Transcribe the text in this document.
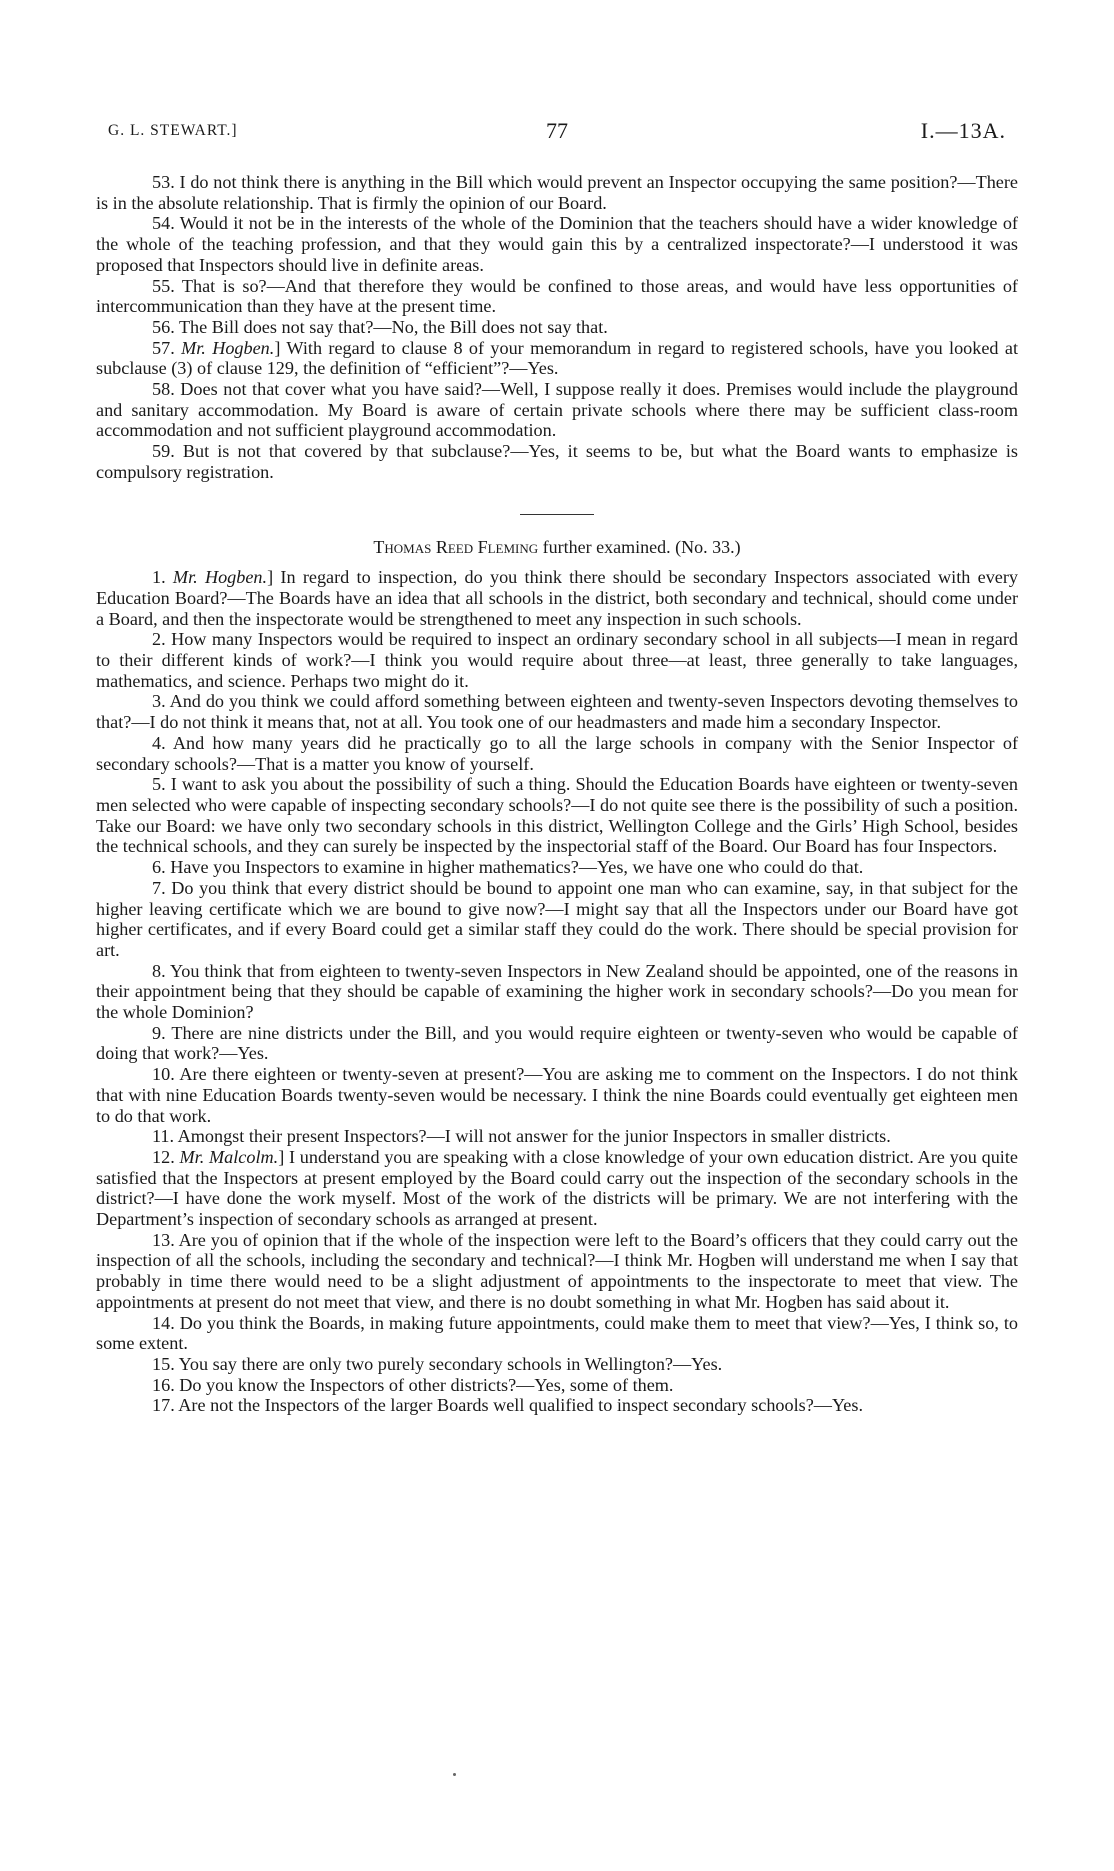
G. L. STEWART.]	77	I.—13A.

53. I do not think there is anything in the Bill which would prevent an Inspector occupying the same position?—There is in the absolute relationship. That is firmly the opinion of our Board.

54. Would it not be in the interests of the whole of the Dominion that the teachers should have a wider knowledge of the whole of the teaching profession, and that they would gain this by a centralized inspectorate?—I understood it was proposed that Inspectors should live in definite areas.

55. That is so?—And that therefore they would be confined to those areas, and would have less opportunities of intercommunication than they have at the present time.

56. The Bill does not say that?—No, the Bill does not say that.

57. Mr. Hogben.] With regard to clause 8 of your memorandum in regard to registered schools, have you looked at subclause (3) of clause 129, the definition of “efficient”?—Yes.

58. Does not that cover what you have said?—Well, I suppose really it does. Premises would include the playground and sanitary accommodation. My Board is aware of certain private schools where there may be sufficient class-room accommodation and not sufficient playground accommodation.

59. But is not that covered by that subclause?—Yes, it seems to be, but what the Board wants to emphasize is compulsory registration.

Thomas Reed Fleming further examined. (No. 33.)

1. Mr. Hogben.] In regard to inspection, do you think there should be secondary Inspectors associated with every Education Board?—The Boards have an idea that all schools in the district, both secondary and technical, should come under a Board, and then the inspectorate would be strengthened to meet any inspection in such schools.

2. How many Inspectors would be required to inspect an ordinary secondary school in all subjects—I mean in regard to their different kinds of work?—I think you would require about three—at least, three generally to take languages, mathematics, and science. Perhaps two might do it.

3. And do you think we could afford something between eighteen and twenty-seven Inspectors devoting themselves to that?—I do not think it means that, not at all. You took one of our headmasters and made him a secondary Inspector.

4. And how many years did he practically go to all the large schools in company with the Senior Inspector of secondary schools?—That is a matter you know of yourself.

5. I want to ask you about the possibility of such a thing. Should the Education Boards have eighteen or twenty-seven men selected who were capable of inspecting secondary schools?—I do not quite see there is the possibility of such a position. Take our Board: we have only two secondary schools in this district, Wellington College and the Girls’ High School, besides the technical schools, and they can surely be inspected by the inspectorial staff of the Board. Our Board has four Inspectors.

6. Have you Inspectors to examine in higher mathematics?—Yes, we have one who could do that.

7. Do you think that every district should be bound to appoint one man who can examine, say, in that subject for the higher leaving certificate which we are bound to give now?—I might say that all the Inspectors under our Board have got higher certificates, and if every Board could get a similar staff they could do the work. There should be special provision for art.

8. You think that from eighteen to twenty-seven Inspectors in New Zealand should be appointed, one of the reasons in their appointment being that they should be capable of examining the higher work in secondary schools?—Do you mean for the whole Dominion?

9. There are nine districts under the Bill, and you would require eighteen or twenty-seven who would be capable of doing that work?—Yes.

10. Are there eighteen or twenty-seven at present?—You are asking me to comment on the Inspectors. I do not think that with nine Education Boards twenty-seven would be necessary. I think the nine Boards could eventually get eighteen men to do that work.

11. Amongst their present Inspectors?—I will not answer for the junior Inspectors in smaller districts.

12. Mr. Malcolm.] I understand you are speaking with a close knowledge of your own education district. Are you quite satisfied that the Inspectors at present employed by the Board could carry out the inspection of the secondary schools in the district?—I have done the work myself. Most of the work of the districts will be primary. We are not interfering with the Department’s inspection of secondary schools as arranged at present.

13. Are you of opinion that if the whole of the inspection were left to the Board’s officers that they could carry out the inspection of all the schools, including the secondary and technical?—I think Mr. Hogben will understand me when I say that probably in time there would need to be a slight adjustment of appointments to the inspectorate to meet that view. The appointments at present do not meet that view, and there is no doubt something in what Mr. Hogben has said about it.

14. Do you think the Boards, in making future appointments, could make them to meet that view?—Yes, I think so, to some extent.

15. You say there are only two purely secondary schools in Wellington?—Yes.

16. Do you know the Inspectors of other districts?—Yes, some of them.

17. Are not the Inspectors of the larger Boards well qualified to inspect secondary schools?—Yes.
